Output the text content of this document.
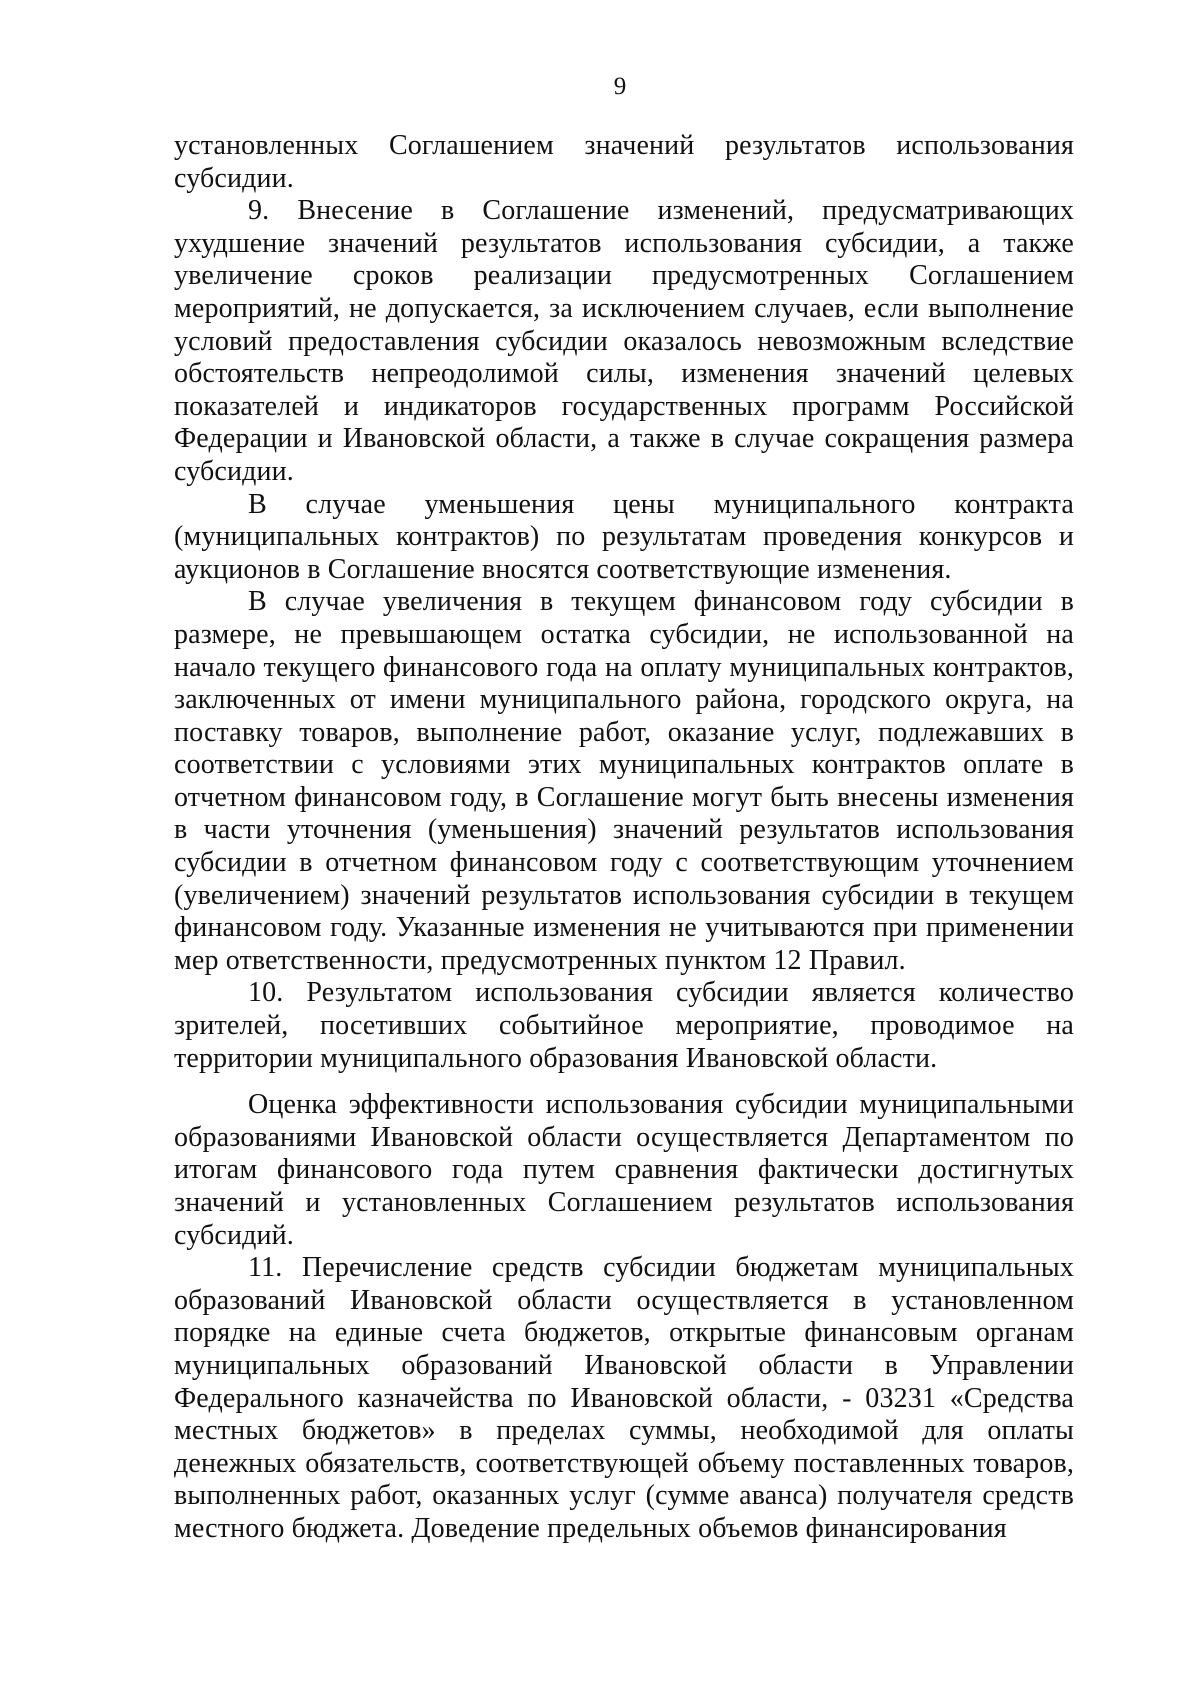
9

установленных Соглашением значений результатов использования субсидии.

9. Внесение в Соглашение изменений, предусматривающих ухудшение значений результатов использования субсидии, а также увеличение сроков реализации предусмотренных Соглашением мероприятий, не допускается, за исключением случаев, если выполнение условий предоставления субсидии оказалось невозможным вследствие обстоятельств непреодолимой силы, изменения значений целевых показателей и индикаторов государственных программ Российской Федерации и Ивановской области, а также в случае сокращения размера субсидии.

В случае уменьшения цены муниципального контракта (муниципальных контрактов) по результатам проведения конкурсов и аукционов в Соглашение вносятся соответствующие изменения.

В случае увеличения в текущем финансовом году субсидии в размере, не превышающем остатка субсидии, не использованной на начало текущего финансового года на оплату муниципальных контрактов, заключенных от имени муниципального района, городского округа, на поставку товаров, выполнение работ, оказание услуг, подлежавших в соответствии с условиями этих муниципальных контрактов оплате в отчетном финансовом году, в Соглашение могут быть внесены изменения в части уточнения (уменьшения) значений результатов использования субсидии в отчетном финансовом году с соответствующим уточнением (увеличением) значений результатов использования субсидии в текущем финансовом году. Указанные изменения не учитываются при применении мер ответственности, предусмотренных пунктом 12 Правил.

10. Результатом использования субсидии является количество зрителей, посетивших событийное мероприятие, проводимое на территории муниципального образования Ивановской области.

Оценка эффективности использования субсидии муниципальными образованиями Ивановской области осуществляется Департаментом по итогам финансового года путем сравнения фактически достигнутых значений и установленных Соглашением результатов использования субсидий.

11. Перечисление средств субсидии бюджетам муниципальных образований Ивановской области осуществляется в установленном порядке на единые счета бюджетов, открытые финансовым органам муниципальных образований Ивановской области в Управлении Федерального казначейства по Ивановской области, - 03231 «Средства местных бюджетов» в пределах суммы, необходимой для оплаты денежных обязательств, соответствующей объему поставленных товаров, выполненных работ, оказанных услуг (сумме аванса) получателя средств местного бюджета. Доведение предельных объемов финансирования
